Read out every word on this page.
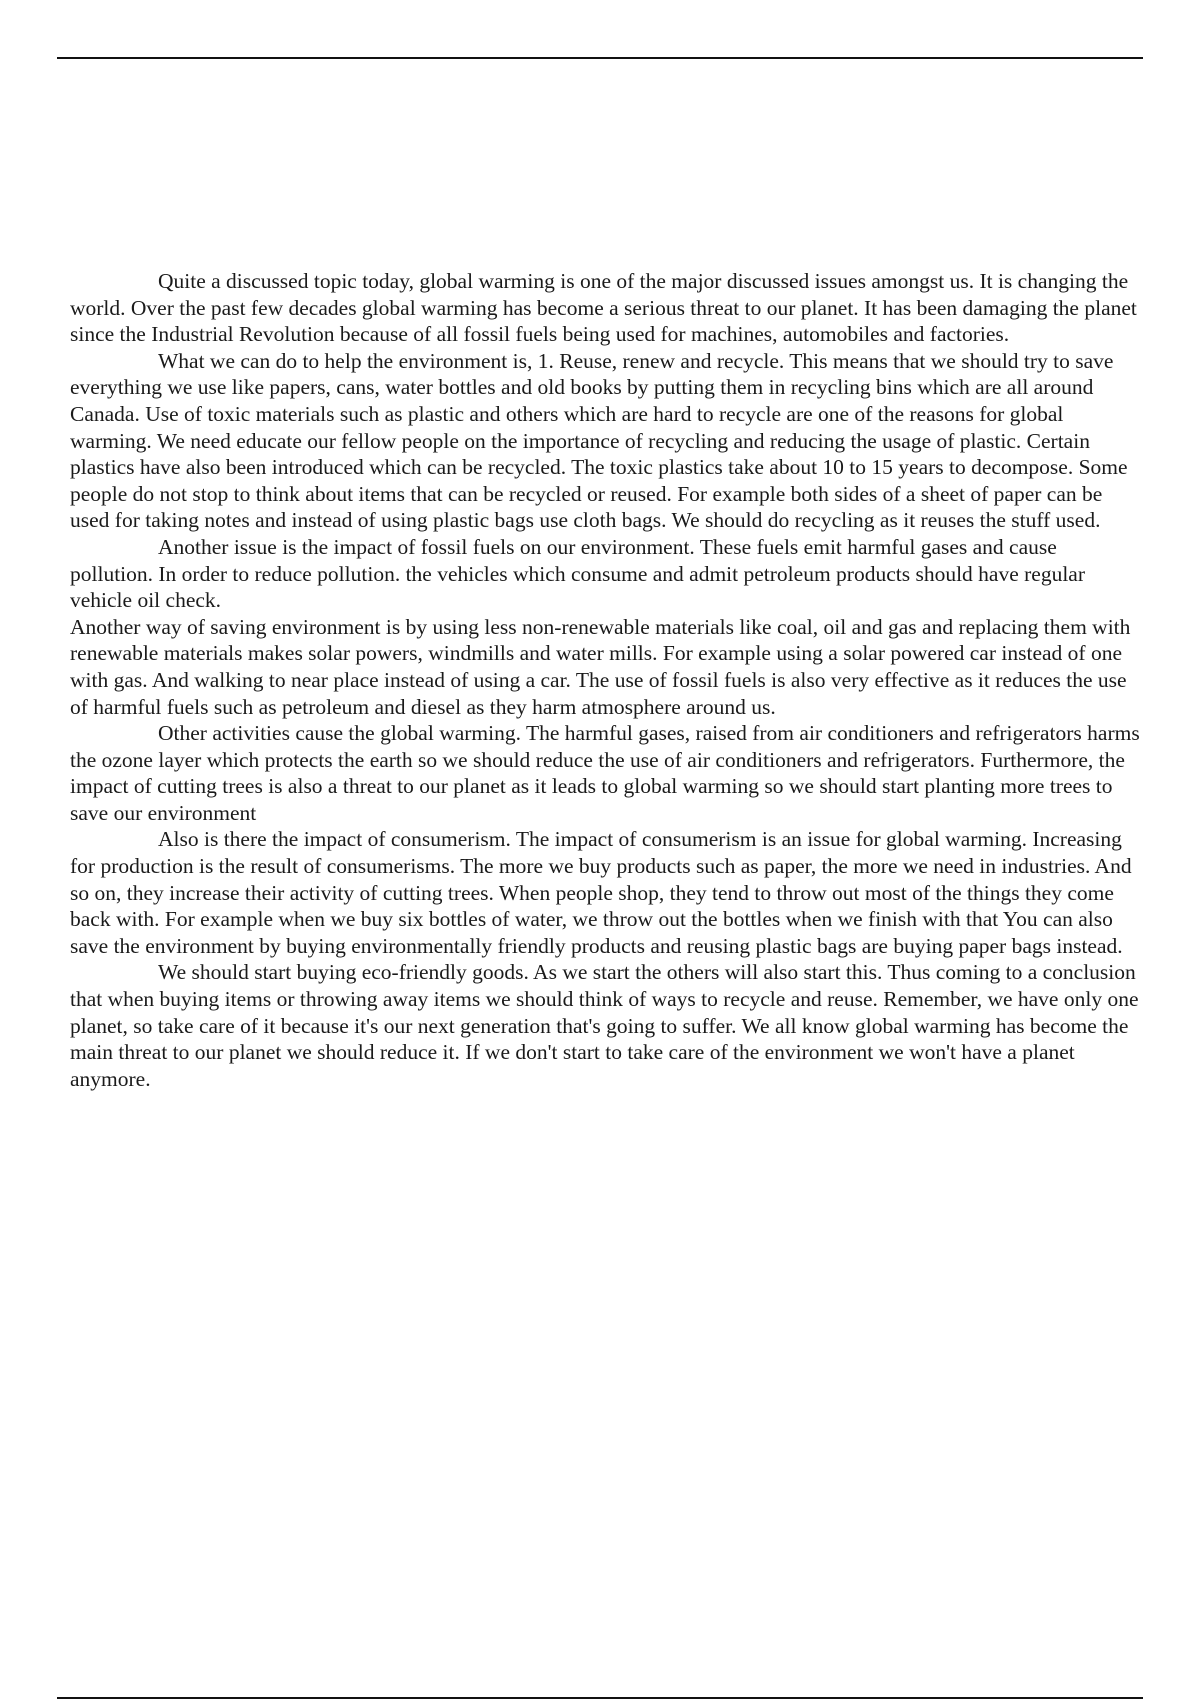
Quite a discussed topic today, global warming is one of the major discussed issues amongst us. It is changing the world. Over the past few decades global warming has become a serious threat to our planet. It has been damaging the planet since the Industrial Revolution because of all fossil fuels being used for machines, automobiles and factories.

What we can do to help the environment is, 1. Reuse, renew and recycle. This means that we should try to save everything we use like papers, cans, water bottles and old books by putting them in recycling bins which are all around Canada. Use of toxic materials such as plastic and others which are hard to recycle are one of the reasons for global warming. We need educate our fellow people on the importance of recycling and reducing the usage of plastic. Certain plastics have also been introduced which can be recycled. The toxic plastics take about 10 to 15 years to decompose. Some people do not stop to think about items that can be recycled or reused. For example both sides of a sheet of paper can be used for taking notes and instead of using plastic bags use cloth bags. We should do recycling as it reuses the stuff used.

Another issue is the impact of fossil fuels on our environment. These fuels emit harmful gases and cause pollution. In order to reduce pollution. the vehicles which consume and admit petroleum products should have regular vehicle oil check.

Another way of saving environment is by using less non-renewable materials like coal, oil and gas and replacing them with renewable materials makes solar powers, windmills and water mills. For example using a solar powered car instead of one with gas. And walking to near place instead of using a car. The use of fossil fuels is also very effective as it reduces the use of harmful fuels such as petroleum and diesel as they harm atmosphere around us.

Other activities cause the global warming. The harmful gases, raised from air conditioners and refrigerators harms the ozone layer which protects the earth so we should reduce the use of air conditioners and refrigerators. Furthermore, the impact of cutting trees is also a threat to our planet as it leads to global warming so we should start planting more trees to save our environment

Also is there the impact of consumerism. The impact of consumerism is an issue for global warming. Increasing for production is the result of consumerisms. The more we buy products such as paper, the more we need in industries. And so on, they increase their activity of cutting trees. When people shop, they tend to throw out most of the things they come back with. For example when we buy six bottles of water, we throw out the bottles when we finish with that You can also save the environment by buying environmentally friendly products and reusing plastic bags are buying paper bags instead.

We should start buying eco-friendly goods. As we start the others will also start this. Thus coming to a conclusion that when buying items or throwing away items we should think of ways to recycle and reuse. Remember, we have only one planet, so take care of it because it's our next generation that's going to suffer. We all know global warming has become the main threat to our planet we should reduce it. If we don't start to take care of the environment we won't have a planet anymore.
